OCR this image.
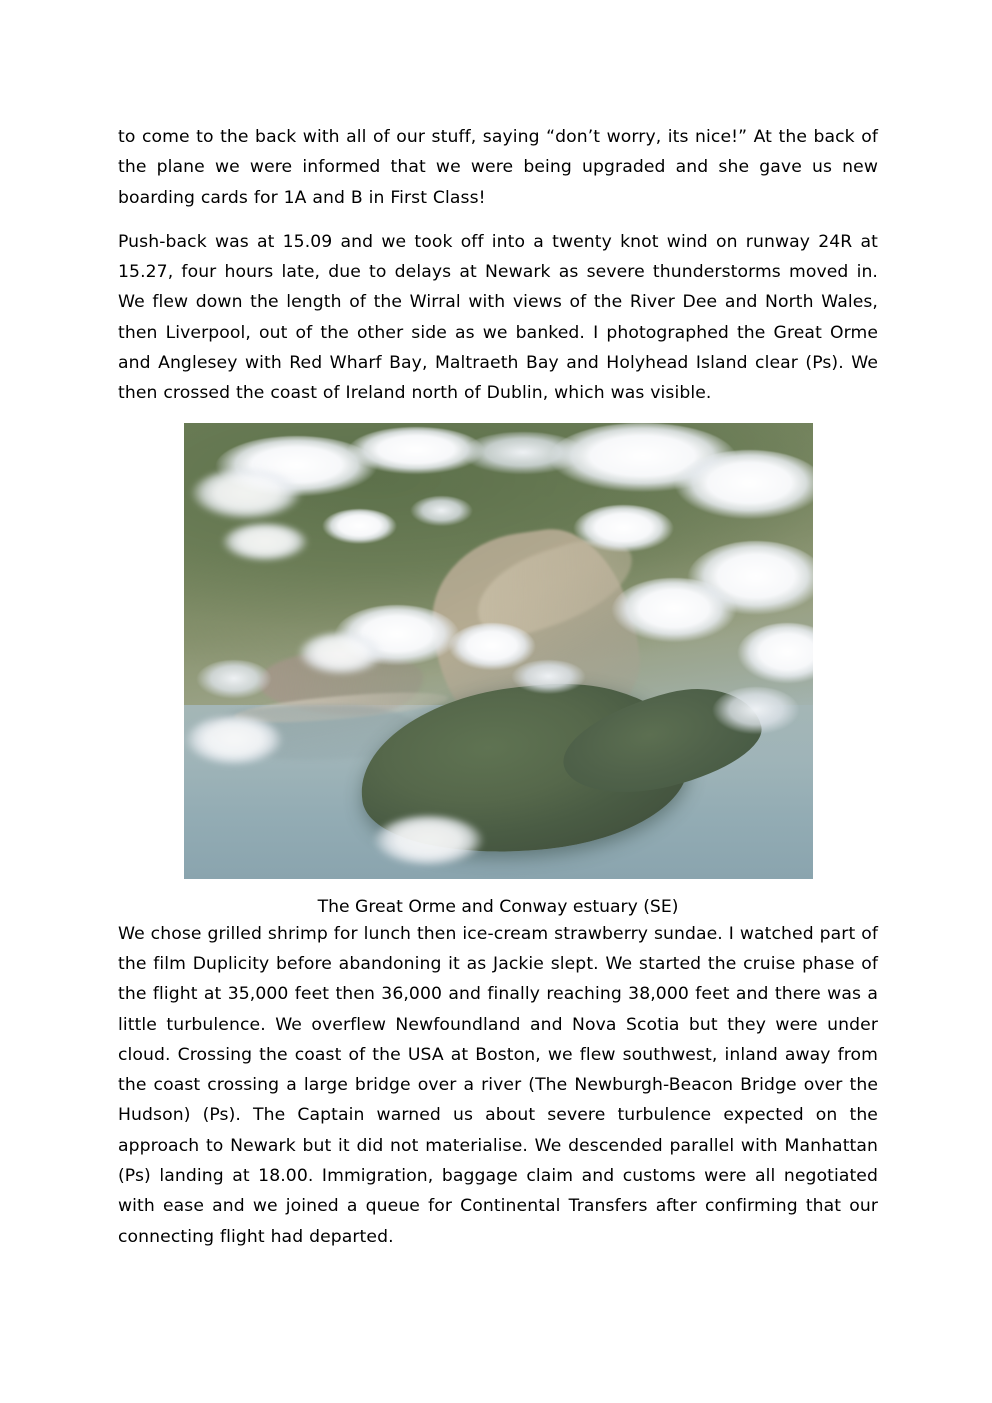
to come to the back with all of our stuff, saying “don’t worry, its nice!” At the back of the plane we were informed that we were being upgraded and she gave us new boarding cards for 1A and B in First Class!

Push-back was at 15.09 and we took off into a twenty knot wind on runway 24R at 15.27, four hours late, due to delays at Newark as severe thunderstorms moved in. We flew down the length of the Wirral with views of the River Dee and North Wales, then Liverpool, out of the other side as we banked. I photographed the Great Orme and Anglesey with Red Wharf Bay, Maltraeth Bay and Holyhead Island clear (Ps). We then crossed the coast of Ireland north of Dublin, which was visible.

The Great Orme and Conway estuary (SE)

We chose grilled shrimp for lunch then ice-cream strawberry sundae. I watched part of the film Duplicity before abandoning it as Jackie slept. We started the cruise phase of the flight at 35,000 feet then 36,000 and finally reaching 38,000 feet and there was a little turbulence. We overflew Newfoundland and Nova Scotia but they were under cloud. Crossing the coast of the USA at Boston, we flew southwest, inland away from the coast crossing a large bridge over a river (The Newburgh-Beacon Bridge over the Hudson) (Ps). The Captain warned us about severe turbulence expected on the approach to Newark but it did not materialise. We descended parallel with Manhattan (Ps) landing at 18.00. Immigration, baggage claim and customs were all negotiated with ease and we joined a queue for Continental Transfers after confirming that our connecting flight had departed.
